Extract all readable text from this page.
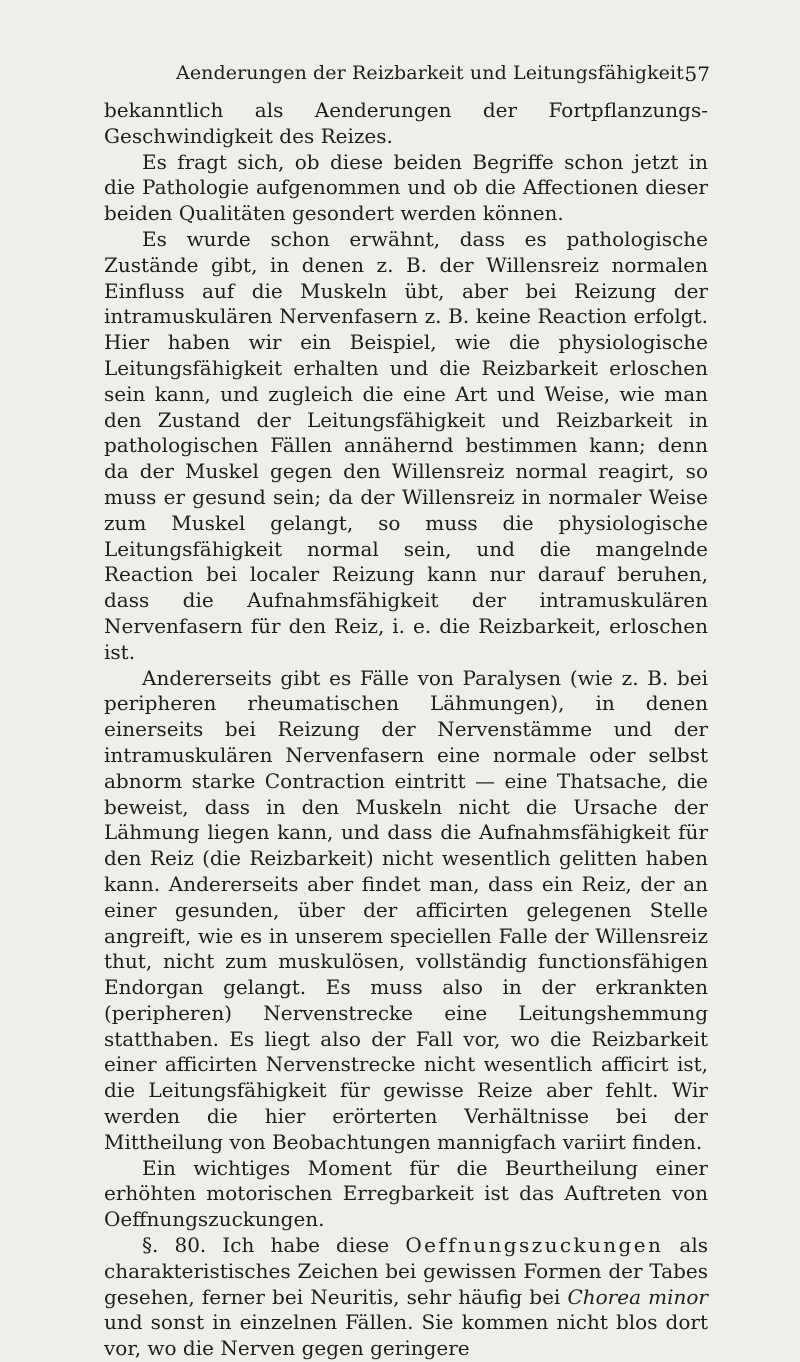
Aenderungen der Reizbarkeit und Leitungsfähigkeit.
57

bekanntlich als Aenderungen der Fortpflanzungs-Geschwindigkeit des Reizes.

Es fragt sich, ob diese beiden Begriffe schon jetzt in die Pathologie aufgenommen und ob die Affectionen dieser beiden Qualitäten gesondert werden können.

Es wurde schon erwähnt, dass es pathologische Zustände gibt, in denen z. B. der Willensreiz normalen Einfluss auf die Muskeln übt, aber bei Reizung der intramuskulären Nervenfasern z. B. keine Reaction erfolgt. Hier haben wir ein Beispiel, wie die physiologische Leitungsfähigkeit erhalten und die Reizbarkeit erloschen sein kann, und zugleich die eine Art und Weise, wie man den Zustand der Leitungsfähigkeit und Reizbarkeit in pathologischen Fällen annähernd bestimmen kann; denn da der Muskel gegen den Willensreiz normal reagirt, so muss er gesund sein; da der Willensreiz in normaler Weise zum Muskel gelangt, so muss die physiologische Leitungsfähigkeit normal sein, und die mangelnde Reaction bei localer Reizung kann nur darauf beruhen, dass die Aufnahmsfähigkeit der intramuskulären Nervenfasern für den Reiz, i. e. die Reizbarkeit, erloschen ist.

Andererseits gibt es Fälle von Paralysen (wie z. B. bei peripheren rheumatischen Lähmungen), in denen einerseits bei Reizung der Nervenstämme und der intramuskulären Nervenfasern eine normale oder selbst abnorm starke Contraction eintritt — eine Thatsache, die beweist, dass in den Muskeln nicht die Ursache der Lähmung liegen kann, und dass die Aufnahmsfähigkeit für den Reiz (die Reizbarkeit) nicht wesentlich gelitten haben kann. Andererseits aber findet man, dass ein Reiz, der an einer gesunden, über der afficirten gelegenen Stelle angreift, wie es in unserem speciellen Falle der Willensreiz thut, nicht zum muskulösen, vollständig functionsfähigen Endorgan gelangt. Es muss also in der erkrankten (peripheren) Nervenstrecke eine Leitungshemmung statthaben. Es liegt also der Fall vor, wo die Reizbarkeit einer afficirten Nervenstrecke nicht wesentlich afficirt ist, die Leitungsfähigkeit für gewisse Reize aber fehlt. Wir werden die hier erörterten Verhältnisse bei der Mittheilung von Beobachtungen mannigfach variirt finden.

Ein wichtiges Moment für die Beurtheilung einer erhöhten motorischen Erregbarkeit ist das Auftreten von Oeffnungszuckungen.

§. 80. Ich habe diese Oeffnungszuckungen als charakteristisches Zeichen bei gewissen Formen der Tabes gesehen, ferner bei Neuritis, sehr häufig bei Chorea minor und sonst in einzelnen Fällen. Sie kommen nicht blos dort vor, wo die Nerven gegen geringere
